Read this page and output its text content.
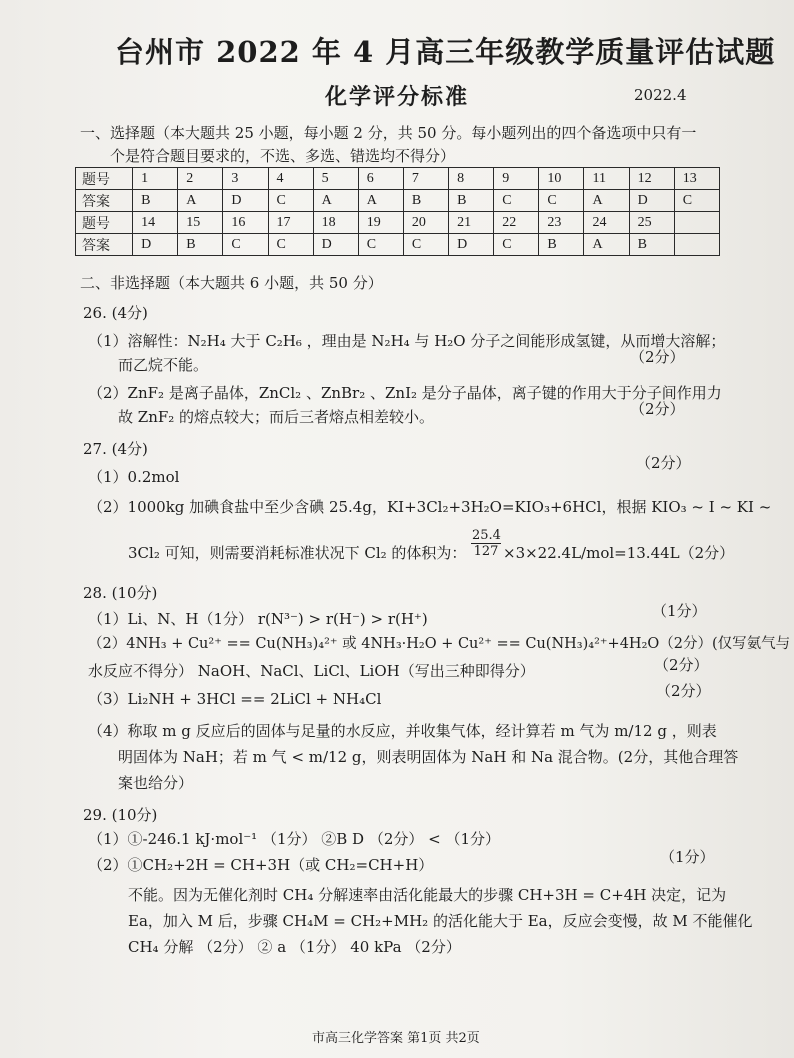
台州市 2022 年 4 月高三年级教学质量评估试题
化学评分标准	2022.4
一、选择题（本大题共 25 小题，每小题 2 分，共 50 分。每小题列出的四个备选项中只有一
个是符合题目要求的，不选、多选、错选均不得分）
题号	1	2	3	4	5	6	7	8	9	10	11	12	13
答案	B	A	D	C	A	A	B	B	C	C	A	D	C
题号	14	15	16	17	18	19	20	21	22	23	24	25	
答案	D	B	C	C	D	C	C	D	C	B	A	B	
二、非选择题（本大题共 6 小题，共 50 分）
26. (4分)
（1）溶解性：N₂H₄ 大于 C₂H₆ ，理由是 N₂H₄ 与 H₂O 分子之间能形成氢键，从而增大溶解；
而乙烷不能。	（2分）
（2）ZnF₂ 是离子晶体，ZnCl₂ 、ZnBr₂ 、ZnI₂ 是分子晶体，离子键的作用大于分子间作用力
故 ZnF₂ 的熔点较大；而后三者熔点相差较小。	（2分）
27. (4分)
（1）0.2mol
（2分）
（2）1000kg 加碘食盐中至少含碘 25.4g，KI+3Cl₂+3H₂O=KIO₃+6HCl，根据 KIO₃ ~ I ~ KI ~
3Cl₂ 可知，则需要消耗标准状况下 Cl₂ 的体积为： $\frac{25.4}{127} \times 3\times 22.4L/mol=13.44L(2$分）
28. (10分)
（1）Li、N、H（1分） r(N³⁻) > r(H⁻) > r(H⁺)	（1分）
（2）4NH₃ + Cu²⁺ == Cu(NH₃)₄²⁺ 或 4NH₃·H₂O + Cu²⁺ == Cu(NH₃)₄²⁺+4H₂O（2分）(仅写氨气与
水反应不得分） NaOH、NaCl、LiCl、LiOH（写出三种即得分）	（2分）
（3）Li₂NH + 3HCl == 2LiCl + NH₄Cl	（2分）
（4）称取 m g 反应后的固体与足量的水反应，并收集气体，经计算若 m 气为 m/12 g ，则表
明固体为 NaH；若 m 气 < m/12 g，则表明固体为 NaH 和 Na 混合物。(2分，其他合理答
案也给分）
29. (10分)
（1）①-246.1 kJ·mol⁻¹ （1分） ②B D （2分） < （1分）
（2）①CH₂+2H = CH+3H（或 CH₂=CH+H）	（1分）
不能。因为无催化剂时 CH₄ 分解速率由活化能最大的步骤 CH+3H = C+4H 决定，记为
Ea，加入 M 后，步骤 CH₄M = CH₂+MH₂ 的活化能大于 Ea，反应会变慢，故 M 不能催化
CH₄ 分解 （2分） ② a （1分） 40 kPa （2分）
市高三化学答案 第1页 共2页
